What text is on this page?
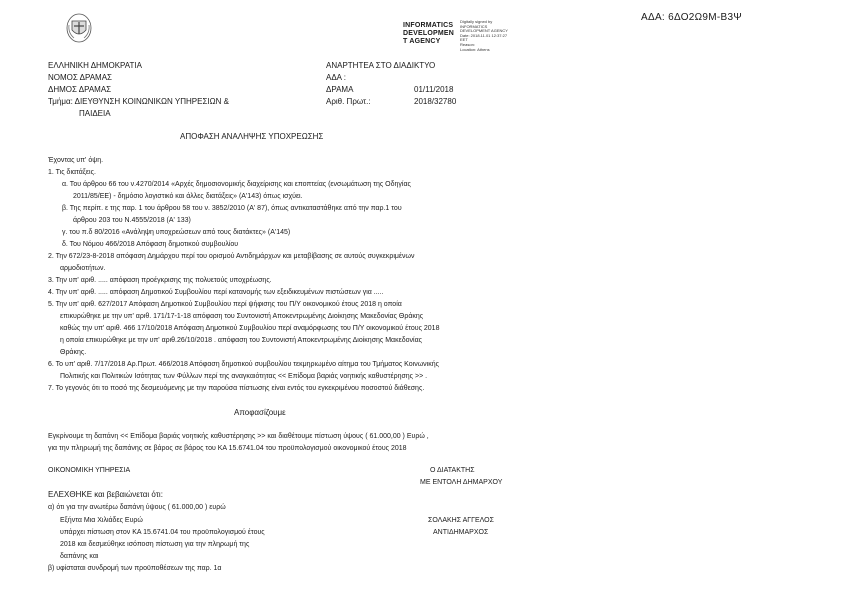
ΑΔΑ: 6ΔΟ2Ω9Μ-Β3Ψ
INFORMATICS
DEVELOPMEN
T AGENCY
Digitally signed by
INFORMATICS
DEVELOPMENT AGENCY
Date: 2018.11.01 12:37:27
EET
Reason:
Location: Athens
ΕΛΛΗΝΙΚΗ ΔΗΜΟΚΡΑΤΙΑ
ΝΟΜΟΣ ΔΡΑΜΑΣ
ΔΗΜΟΣ ΔΡΑΜΑΣ
Τμήμα: ΔΙΕΥΘΥΝΣΗ ΚΟΙΝΩΝΙΚΩΝ ΥΠΗΡΕΣΙΩΝ &
ΠΑΙΔΕΙΑ
ΑΝΑΡΤΗΤΕΑ ΣΤΟ ΔΙΑΔΙΚΤΥΟ
ΑΔΑ :
ΔΡΑΜΑ	01/11/2018
Αριθ. Πρωτ.:	2018/32780
ΑΠΟΦΑΣΗ ΑΝΑΛΗΨΗΣ ΥΠΟΧΡΕΩΣΗΣ
Έχοντας υπ' όψη.
1. Τις διατάξεις.
α. Του άρθρου 66 του ν.4270/2014 «Αρχές δημοσιονομικής διαχείρισης και εποπτείας (ενσωμάτωση της Οδηγίας
2011/85/ΕΕ) - δημόσιο λογιστικό και άλλες διατάξεις» (Α'143) όπως ισχύει.
β. Της περίπ. ε της παρ. 1 του άρθρου 58 του ν. 3852/2010 (Α' 87), όπως αντικαταστάθηκε από την παρ.1 του
άρθρου 203 του Ν.4555/2018 (Α' 133)
γ. του π.δ 80/2016 «Ανάληψη υποχρεώσεων από τους διατάκτες» (Α'145)
δ. Του Νόμου 466/2018 Απόφαση δημοτικού συμβουλίου
2. Την 672/23-8-2018 απόφαση Δημάρχου περί του ορισμού Αντιδημάρχων και μεταβίβασης σε αυτούς συγκεκριμένων
αρμοδιοτήτων.
3. Την υπ' αριθ. ..... απόφαση προέγκρισης της πολυετούς υποχρέωσης.
4. Την υπ' αριθ. ..... απόφαση Δημοτικού Συμβουλίου περί κατανομής των εξειδικευμένων πιστώσεων για .....
5. Την υπ' αριθ. 627/2017 Απόφαση Δημοτικού Συμβουλίου περί ψήφισης του Π/Υ οικονομικού έτους 2018 η οποία
επικυρώθηκε με την υπ' αριθ. 171/17-1-18 απόφαση του Συντονιστή Αποκεντρωμένης Διοίκησης Μακεδονίας Θράκης
καθώς την υπ' αριθ. 466 17/10/2018 Απόφαση Δημοτικού Συμβουλίου περί αναμόρφωσης του Π/Υ οικονομικού έτους 2018
η οποία επικυρώθηκε με την υπ' αριθ.26/10/2018 . απόφαση του Συντονιστή Αποκεντρωμένης Διοίκησης Μακεδονίας
Θράκης.
6. Το υπ' αριθ. 7/17/2018 Αρ.Πρωτ. 466/2018 Απόφαση δημοτικού συμβουλίου τεκμηριωμένο αίτημα του Τμήματος Κοινωνικής
Πολιτικής και Πολιτικών Ισότητας των Φύλλων περί της αναγκαιότητας << Επίδομα βαριάς νοητικής καθυστέρησης >> .
7. Το γεγονός ότι το ποσό της δεσμευόμενης με την παρούσα πίστωσης είναι εντός του εγκεκριμένου ποσοστού διάθεσης.
Αποφασίζουμε
Εγκρίνουμε τη δαπάνη << Επίδομα βαριάς νοητικής καθυστέρησης >> και διαθέτουμε πίστωση ύψους ( 61.000,00 ) Ευρώ ,
για την πληρωμή της δαπάνης σε βάρος σε βάρος του ΚΑ 15.6741.04 του προϋπολογισμού οικονομικού έτους 2018
ΟΙΚΟΝΟΜΙΚΗ ΥΠΗΡΕΣΙΑ	Ο ΔΙΑΤΑΚΤΗΣ
ΜΕ ΕΝΤΟΛΗ ΔΗΜΑΡΧΟΥ
ΕΛΕΧΘΗΚΕ και βεβαιώνεται ότι:
α) ότι για την ανωτέρω δαπάνη ύψους ( 61.000,00 ) ευρώ
Εξήντα Μια Χιλιάδες Ευρώ
υπάρχει πίστωση στον ΚΑ 15.6741.04 του προϋπολογισμού έτους
2018 και δεσμεύθηκε ισόποση πίστωση για την πληρωμή της
δαπάνης και
β) υφίσταται συνδρομή των προϋποθέσεων της παρ. 1α
ΣΟΛΑΚΗΣ ΑΓΓΕΛΟΣ
ΑΝΤΙΔΗΜΑΡΧΟΣ
